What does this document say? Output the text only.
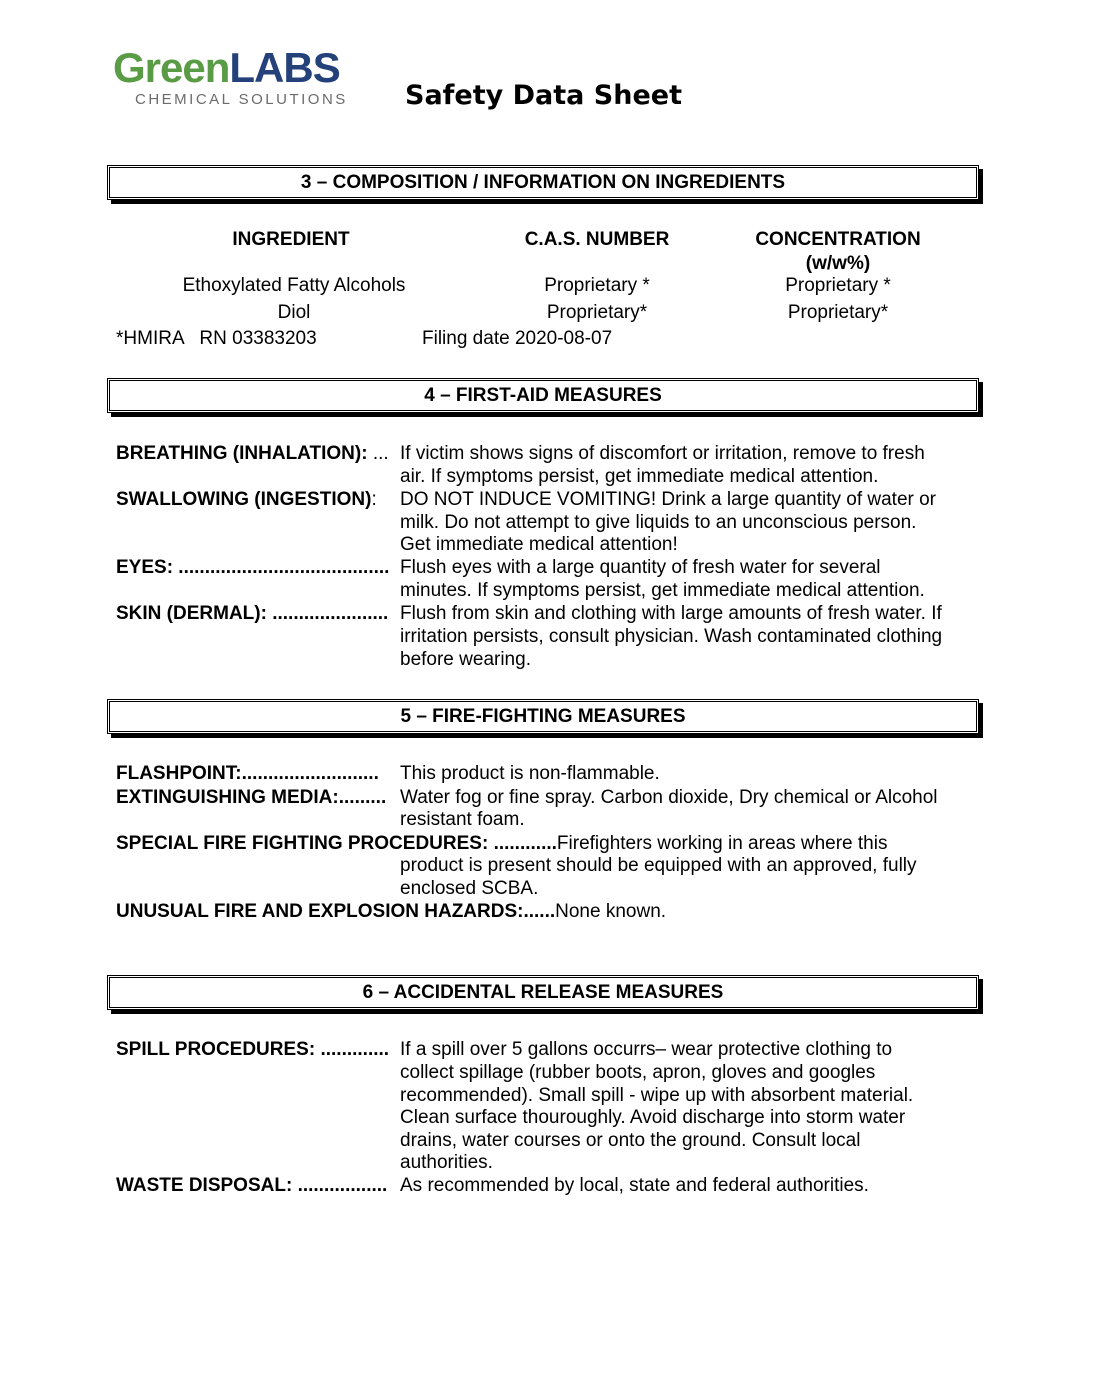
GreenLABS
CHEMICAL SOLUTIONS Safety Data Sheet
3 – COMPOSITION / INFORMATION ON INGREDIENTS
INGREDIENT	C.A.S. NUMBER	CONCENTRATION
(w/w%)
Ethoxylated Fatty Alcohols	Proprietary *	Proprietary *
Diol	Proprietary*	Proprietary*
*HMIRA   RN 03383203	Filing date 2020-08-07
4 – FIRST-AID MEASURES
BREATHING (INHALATION): ... If victim shows signs of discomfort or irritation, remove to fresh
air. If symptoms persist, get immediate medical attention.
SWALLOWING (INGESTION): DO NOT INDUCE VOMITING! Drink a large quantity of water or
milk. Do not attempt to give liquids to an unconscious person.
Get immediate medical attention!
EYES: ........................................ Flush eyes with a large quantity of fresh water for several
minutes. If symptoms persist, get immediate medical attention.
SKIN (DERMAL): ...................... Flush from skin and clothing with large amounts of fresh water. If
irritation persists, consult physician. Wash contaminated clothing
before wearing.
5 – FIRE-FIGHTING MEASURES
FLASHPOINT:.......................... This product is non-flammable.
EXTINGUISHING MEDIA:......... Water fog or fine spray. Carbon dioxide, Dry chemical or Alcohol
resistant foam.
SPECIAL FIRE FIGHTING PROCEDURES: ............Firefighters working in areas where this
product is present should be equipped with an approved, fully
enclosed SCBA.
UNUSUAL FIRE AND EXPLOSION HAZARDS:......None known.
6 – ACCIDENTAL RELEASE MEASURES
SPILL PROCEDURES: ............. If a spill over 5 gallons occurrs– wear protective clothing to
collect spillage (rubber boots, apron, gloves and googles
recommended). Small spill - wipe up with absorbent material.
Clean surface thouroughly. Avoid discharge into storm water
drains, water courses or onto the ground. Consult local
authorities.
WASTE DISPOSAL: ................. As recommended by local, state and federal authorities.
